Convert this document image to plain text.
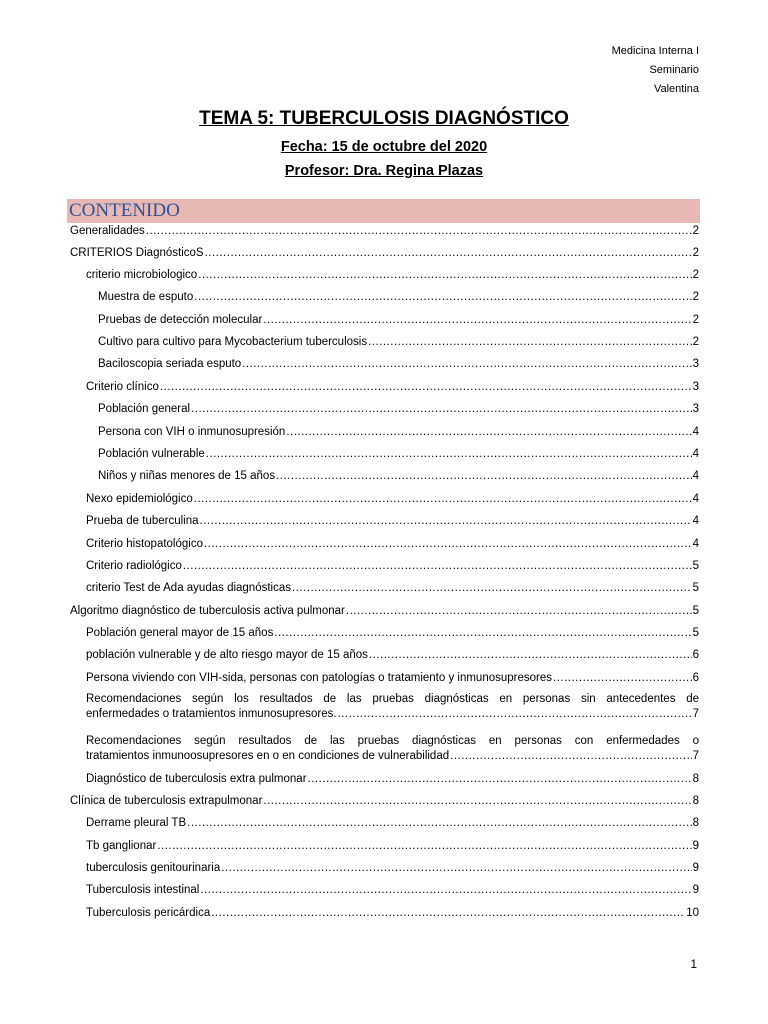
Medicina Interna I
Seminario
Valentina
TEMA 5: TUBERCULOSIS DIAGNÓSTICO
Fecha: 15 de octubre del 2020
Profesor: Dra. Regina Plazas
CONTENIDO
Generalidades .....	2
CRITERIOS DiagnósticoS .....	2
criterio microbiologico .....	2
Muestra de esputo .....	2
Pruebas de detección molecular .....	2
Cultivo para cultivo para Mycobacterium tuberculosis .....	2
Baciloscopia seriada esputo .....	3
Criterio clínico .....	3
Población general .....	3
Persona con VIH o inmunosupresión .....	4
Población vulnerable .....	4
Niños y niñas menores de 15 años .....	4
Nexo epidemiológico .....	4
Prueba de tuberculina .....	4
Criterio histopatológico .....	4
Criterio radiológico .....	5
criterio Test de Ada ayudas diagnósticas .....	5
Algoritmo diagnóstico de tuberculosis activa pulmonar .....	5
Población general mayor de 15 años .....	5
población vulnerable y de alto riesgo mayor de 15 años .....	6
Persona viviendo con VIH-sida, personas con patologías o tratamiento y inmunosupresores .....	6
Recomendaciones según los resultados de las pruebas diagnósticas en personas sin antecedentes de
enfermedades o tratamientos inmunosupresores. .....	7
Recomendaciones según resultados de las pruebas diagnósticas en personas con enfermedades o
tratamientos inmunoosupresores en o en condiciones de vulnerabilidad .....	7
Diagnóstico de tuberculosis extra pulmonar .....	8
Clínica de tuberculosis extrapulmonar .....	8
Derrame pleural TB .....	8
Tb ganglionar .....	9
tuberculosis genitourinaria .....	9
Tuberculosis intestinal .....	9
Tuberculosis pericárdica .....	10
1
